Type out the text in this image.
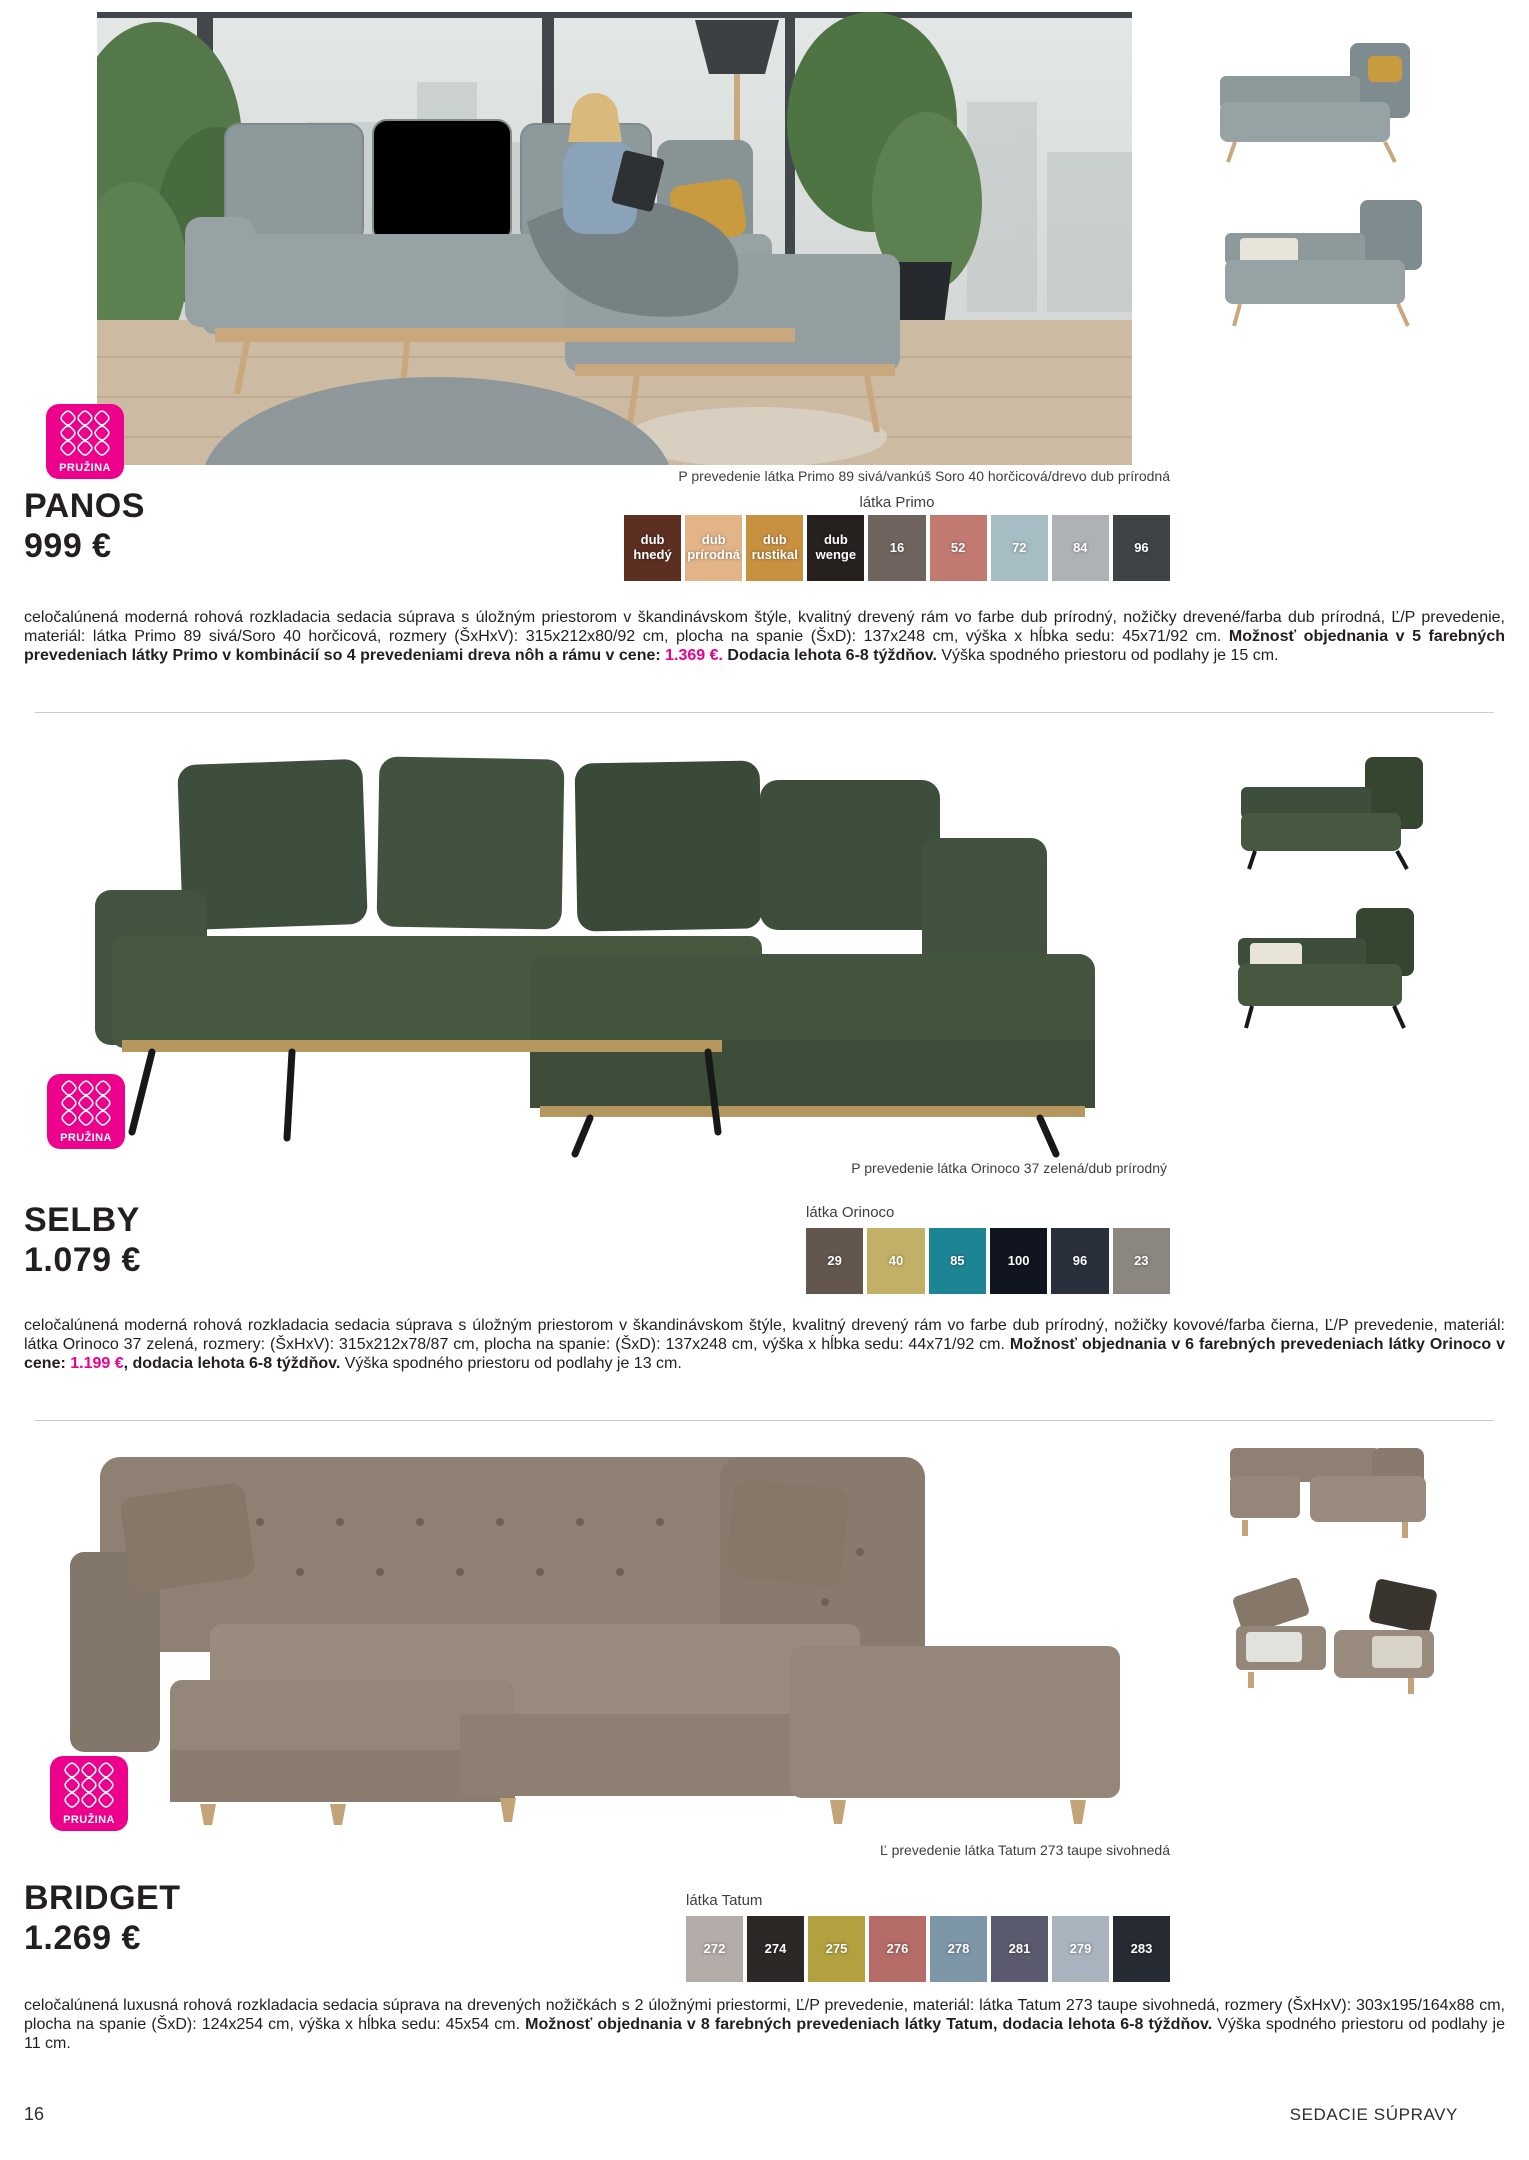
PRUŽINA	P prevedenie látka Primo 89 sivá/vankúš Soro 40 horčicová/drevo dub prírodná
látka Primo
dub hnedý
dub prírodná
dub rustikal
dub wenge	16	52	72	84	96
PANOS
999 €

celočalúnená moderná rohová rozkladacia sedacia súprava s úložným priestorom v škandinávskom štýle, kvalitný drevený rám vo farbe dub prírodný, nožičky drevené/farba dub prírodná, Ľ/P prevedenie, materiál: látka Primo 89 sivá/Soro 40 horčicová, rozmery (ŠxHxV): 315x212x80/92 cm, plocha na spanie (ŠxD): 137x248 cm, výška x hĺbka sedu: 45x71/92 cm. Možnosť objednania v 5 farebných prevedeniach látky Primo v kombinácií so 4 prevedeniami dreva nôh a rámu v cene: 1.369 €. Dodacia lehota 6-8 týždňov. Výška spodného priestoru od podlahy je 15 cm.

PRUŽINA
P prevedenie látka Orinoco 37 zelená/dub prírodný
látka Orinoco
29	40	85	100	96	23
SELBY
1.079 €

celočalúnená moderná rohová rozkladacia sedacia súprava s úložným priestorom v škandinávskom štýle, kvalitný drevený rám vo farbe dub prírodný, nožičky kovové/farba čierna, Ľ/P prevedenie, materiál: látka Orinoco 37 zelená, rozmery: (ŠxHxV): 315x212x78/87 cm, plocha na spanie: (ŠxD): 137x248 cm, výška x hĺbka sedu: 44x71/92 cm. Možnosť objednania v 6 farebných prevedeniach látky Orinoco v cene: 1.199 €, dodacia lehota 6-8 týždňov. Výška spodného priestoru od podlahy je 13 cm.

PRUŽINA
Ľ prevedenie látka Tatum 273 taupe sivohnedá
látka Tatum
272	274	275	276	278	281	279	283
BRIDGET
1.269 €

celočalúnená luxusná rohová rozkladacia sedacia súprava na drevených nožičkách s 2 úložnými priestormi, Ľ/P prevedenie, materiál: látka Tatum 273 taupe sivohnedá, rozmery (ŠxHxV): 303x195/164x88 cm, plocha na spanie (ŠxD): 124x254 cm, výška x hĺbka sedu: 45x54 cm. Možnosť objednania v 8 farebných prevedeniach látky Tatum, dodacia lehota 6-8 týždňov. Výška spodného priestoru od podlahy je 11 cm.

16	SEDACIE SÚPRAVY
